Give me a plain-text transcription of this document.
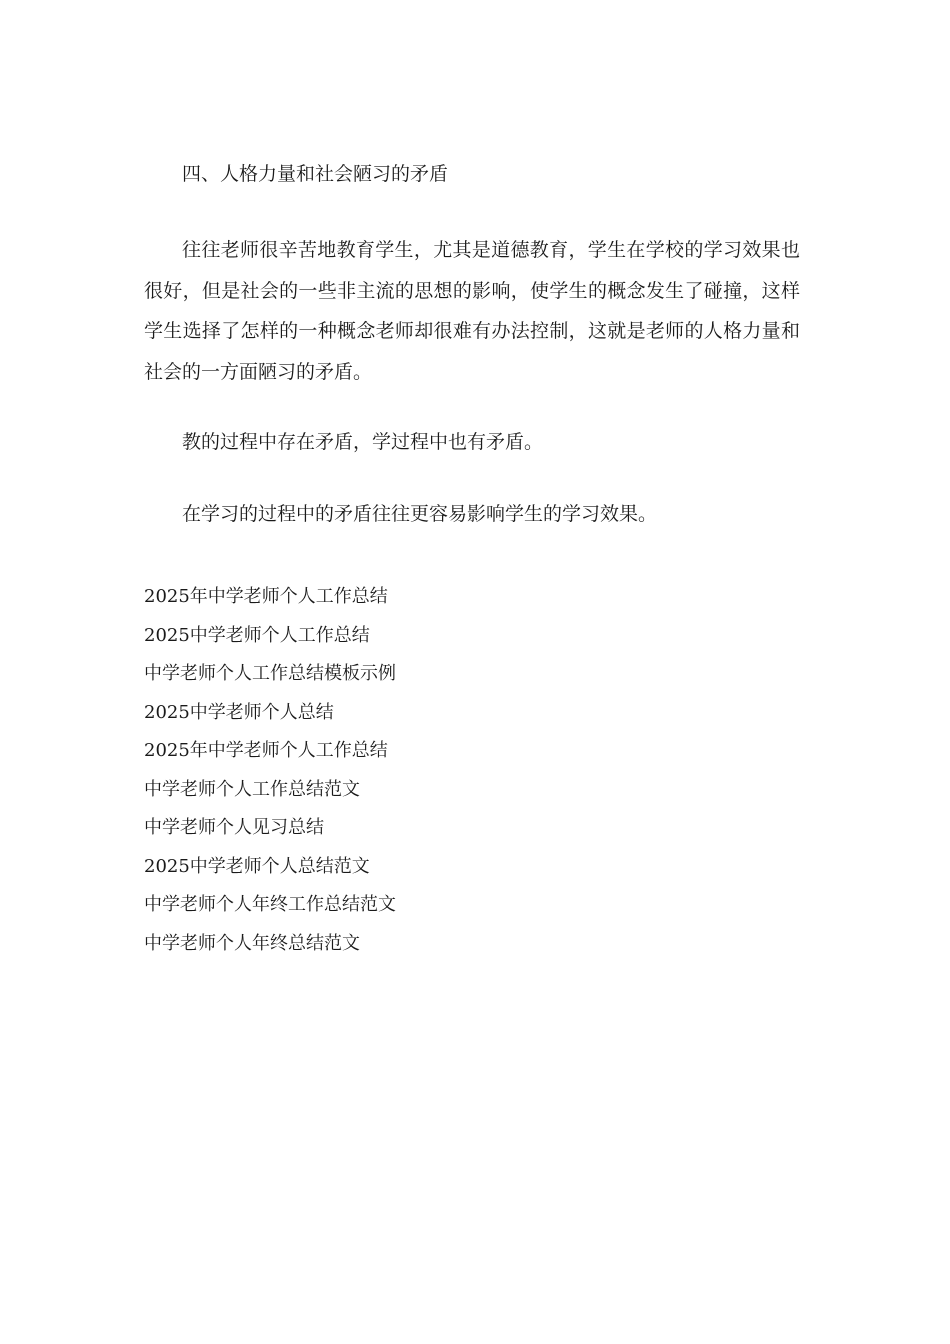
四、人格力量和社会陋习的矛盾

往往老师很辛苦地教育学生，尤其是道德教育，学生在学校的学习效果也很好，但是社会的一些非主流的思想的影响，使学生的概念发生了碰撞，这样学生选择了怎样的一种概念老师却很难有办法控制，这就是老师的人格力量和社会的一方面陋习的矛盾。

教的过程中存在矛盾，学过程中也有矛盾。

在学习的过程中的矛盾往往更容易影响学生的学习效果。

2025年中学老师个人工作总结
2025中学老师个人工作总结
中学老师个人工作总结模板示例
2025中学老师个人总结
2025年中学老师个人工作总结
中学老师个人工作总结范文
中学老师个人见习总结
2025中学老师个人总结范文
中学老师个人年终工作总结范文
中学老师个人年终总结范文
